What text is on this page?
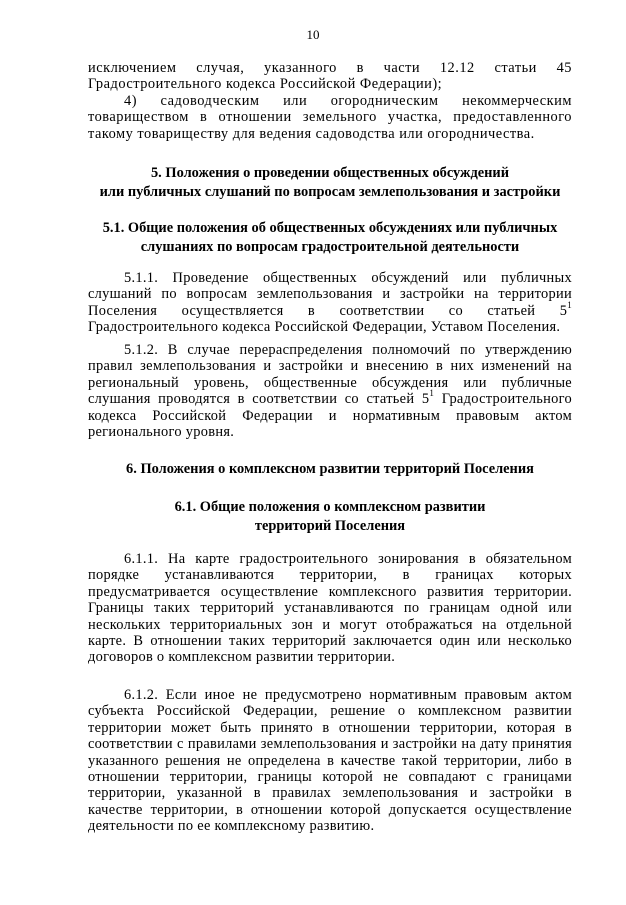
10
исключением случая, указанного в части 12.12 статьи 45 Градостроительного кодекса Российской Федерации);
4) садоводческим или огородническим некоммерческим товариществом в отношении земельного участка, предоставленного такому товариществу для ведения садоводства или огородничества.
5. Положения о проведении общественных обсуждений
или публичных слушаний по вопросам землепользования и застройки
5.1. Общие положения об общественных обсуждениях или публичных
слушаниях по вопросам градостроительной деятельности
5.1.1. Проведение общественных обсуждений или публичных слушаний по вопросам землепользования и застройки на территории Поселения осуществляется в соответствии со статьей $5^1$ Градостроительного кодекса Российской Федерации, Уставом Поселения.
5.1.2. В случае перераспределения полномочий по утверждению правил землепользования и застройки и внесению в них изменений на региональный уровень, общественные обсуждения или публичные слушания проводятся в соответствии со статьей $5^1$ Градостроительного кодекса Российской Федерации и нормативным правовым актом регионального уровня.
6. Положения о комплексном развитии территорий Поселения
6.1. Общие положения о комплексном развитии
территорий Поселения
6.1.1. На карте градостроительного зонирования в обязательном порядке устанавливаются территории, в границах которых предусматривается осуществление комплексного развития территории. Границы таких территорий устанавливаются по границам одной или нескольких территориальных зон и могут отображаться на отдельной карте. В отношении таких территорий заключается один или несколько договоров о комплексном развитии территории.
6.1.2. Если иное не предусмотрено нормативным правовым актом субъекта Российской Федерации, решение о комплексном развитии территории может быть принято в отношении территории, которая в соответствии с правилами землепользования и застройки на дату принятия указанного решения не определена в качестве такой территории, либо в отношении территории, границы которой не совпадают с границами территории, указанной в правилах землепользования и застройки в качестве территории, в отношении которой допускается осуществление деятельности по ее комплексному развитию.
